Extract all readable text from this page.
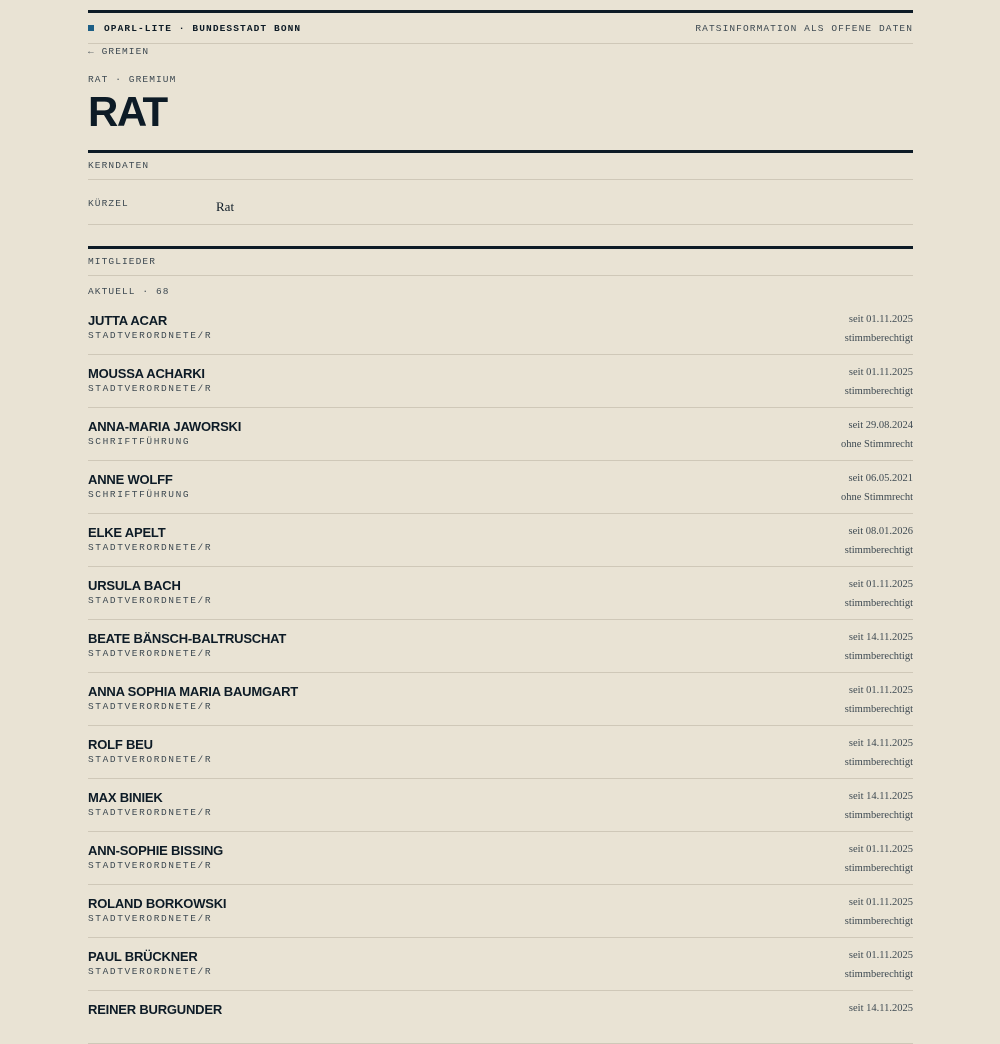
OPARL-LITE · BUNDESSTADT BONN	RATSINFORMATION ALS OFFENE DATEN
← GREMIEN
RAT · GREMIUM
RAT
KERNDATEN
KÜRZEL	Rat
MITGLIEDER
AKTUELL · 68
JUTTA ACAR
STADTVERORDNETE/R
seit 01.11.2025
stimmberechtigt
MOUSSA ACHARKI
STADTVERORDNETE/R
seit 01.11.2025
stimmberechtigt
ANNA-MARIA JAWORSKI
SCHRIFTFÜHRUNG
seit 29.08.2024
ohne Stimmrecht
ANNE WOLFF
SCHRIFTFÜHRUNG
seit 06.05.2021
ohne Stimmrecht
ELKE APELT
STADTVERORDNETE/R
seit 08.01.2026
stimmberechtigt
URSULA BACH
STADTVERORDNETE/R
seit 01.11.2025
stimmberechtigt
BEATE BÄNSCH-BALTRUSCHAT
STADTVERORDNETE/R
seit 14.11.2025
stimmberechtigt
ANNA SOPHIA MARIA BAUMGART
STADTVERORDNETE/R
seit 01.11.2025
stimmberechtigt
ROLF BEU
STADTVERORDNETE/R
seit 14.11.2025
stimmberechtigt
MAX BINIEK
STADTVERORDNETE/R
seit 14.11.2025
stimmberechtigt
ANN-SOPHIE BISSING
STADTVERORDNETE/R
seit 01.11.2025
stimmberechtigt
ROLAND BORKOWSKI
STADTVERORDNETE/R
seit 01.11.2025
stimmberechtigt
PAUL BRÜCKNER
STADTVERORDNETE/R
seit 01.11.2025
stimmberechtigt
REINER BURGUNDER	seit 14.11.2025
